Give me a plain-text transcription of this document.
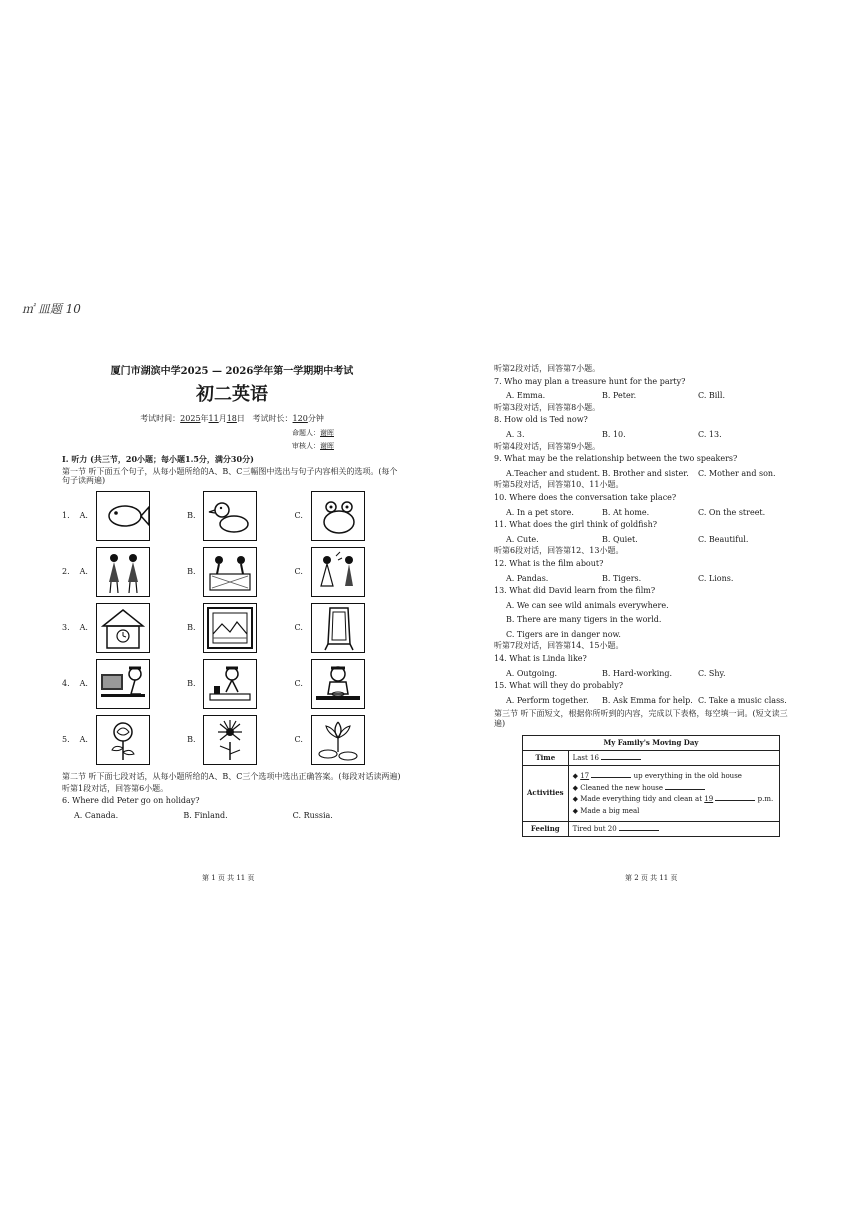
㎡ 皿题 10
厦门市湖滨中学2025 — 2026学年第一学期期中考试
初二英语
考试时间：2025年11月18日 考试时长：120分钟
命题人：谢晖
审核人：谢晖
I. 听力 (共三节，20小题；每小题1.5分，满分30分)
第一节 听下面五个句子，从每小题所给的A、B、C三幅图中选出与句子内容相关的选项。(每个句子读两遍)
1.	A.	B.	C.
2.	A.	B.	C.
3.	A.	B.	C.
4.	A.	B.	C.
5.	A.	B.	C.
第二节 听下面七段对话，从每小题所给的A、B、C三个选项中选出正确答案。(每段对话读两遍)
听第1段对话，回答第6小题。
6. Where did Peter go on holiday?
A. Canada.	B. Finland.	C. Russia.
听第2段对话，回答第7小题。
7. Who may plan a treasure hunt for the party?
A. Emma.	B. Peter.	C. Bill.
听第3段对话，回答第8小题。
8. How old is Ted now?
A. 3.	B. 10.	C. 13.
听第4段对话，回答第9小题。
9. What may be the relationship between the two speakers?
A.Teacher and student. B. Brother and sister.	C. Mother and son.
听第5段对话，回答第10、11小题。
10. Where does the conversation take place?
A. In a pet store.	B. At home.	C. On the street.
11. What does the girl think of goldfish?
A. Cute.	B. Quiet.	C. Beautiful.
听第6段对话，回答第12、13小题。
12. What is the film about?
A. Pandas.	B. Tigers.	C. Lions.
13. What did David learn from the film?
A. We can see wild animals everywhere.
B. There are many tigers in the world.
C. Tigers are in danger now.
听第7段对话，回答第14、15小题。
14. What is Linda like?
A. Outgoing.	B. Hard-working.	C. Shy.
15. What will they do probably?
A. Perform together.	B. Ask Emma for help. C. Take a music class.
第三节 听下面短文，根据你所听到的内容，完成以下表格，每空填一词。(短文读三遍)
My Family's Moving Day	
Time	Last 16
Activities	◆ 17 up everything in the old house
◆ Cleaned the new house
◆ Made everything tidy and clean at 19 p.m.
◆ Made a big meal

Feeling	Tired but 20
第 1 页 共 11 页	第 2 页 共 11 页
